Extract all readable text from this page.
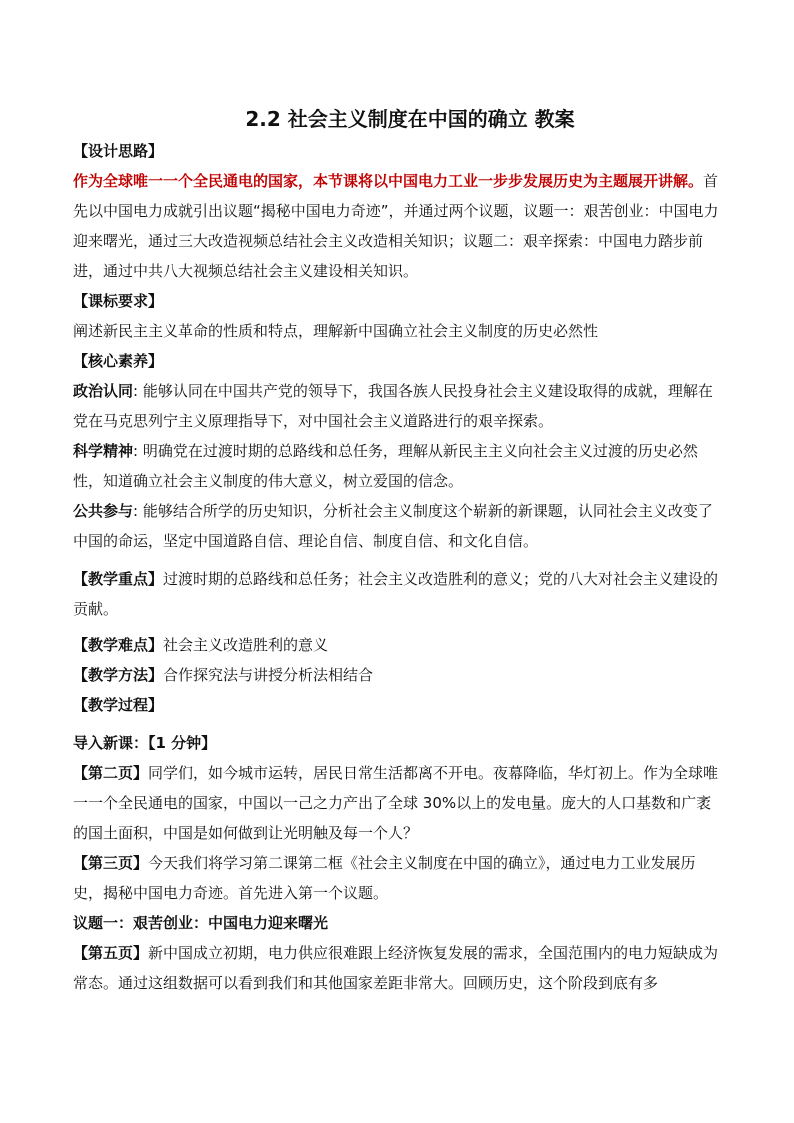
2.2 社会主义制度在中国的确立 教案

【设计思路】

作为全球唯一一个全民通电的国家，本节课将以中国电力工业一步步发展历史为主题展开讲解。首先以中国电力成就引出议题“揭秘中国电力奇迹”，并通过两个议题，议题一：艰苦创业：中国电力迎来曙光，通过三大改造视频总结社会主义改造相关知识；议题二：艰辛探索：中国电力踏步前进，通过中共八大视频总结社会主义建设相关知识。

【课标要求】

阐述新民主主义革命的性质和特点，理解新中国确立社会主义制度的历史必然性

【核心素养】

政治认同: 能够认同在中国共产党的领导下，我国各族人民投身社会主义建设取得的成就，理解在党在马克思列宁主义原理指导下，对中国社会主义道路进行的艰辛探索。

科学精神: 明确党在过渡时期的总路线和总任务，理解从新民主主义向社会主义过渡的历史必然性，知道确立社会主义制度的伟大意义，树立爱国的信念。

公共参与: 能够结合所学的历史知识，分析社会主义制度这个崭新的新课题，认同社会主义改变了中国的命运，坚定中国道路自信、理论自信、制度自信、和文化自信。

【教学重点】过渡时期的总路线和总任务；社会主义改造胜利的意义；党的八大对社会主义建设的贡献。

【教学难点】社会主义改造胜利的意义

【教学方法】合作探究法与讲授分析法相结合

【教学过程】

导入新课：【1 分钟】

【第二页】同学们，如今城市运转，居民日常生活都离不开电。夜幕降临，华灯初上。作为全球唯一一个全民通电的国家，中国以一己之力产出了全球 30%以上的发电量。庞大的人口基数和广袤的国土面积，中国是如何做到让光明触及每一个人？

【第三页】今天我们将学习第二课第二框《社会主义制度在中国的确立》，通过电力工业发展历史，揭秘中国电力奇迹。首先进入第一个议题。

议题一：艰苦创业：中国电力迎来曙光

【第五页】新中国成立初期，电力供应很难跟上经济恢复发展的需求，全国范围内的电力短缺成为常态。通过这组数据可以看到我们和其他国家差距非常大。回顾历史，这个阶段到底有多
